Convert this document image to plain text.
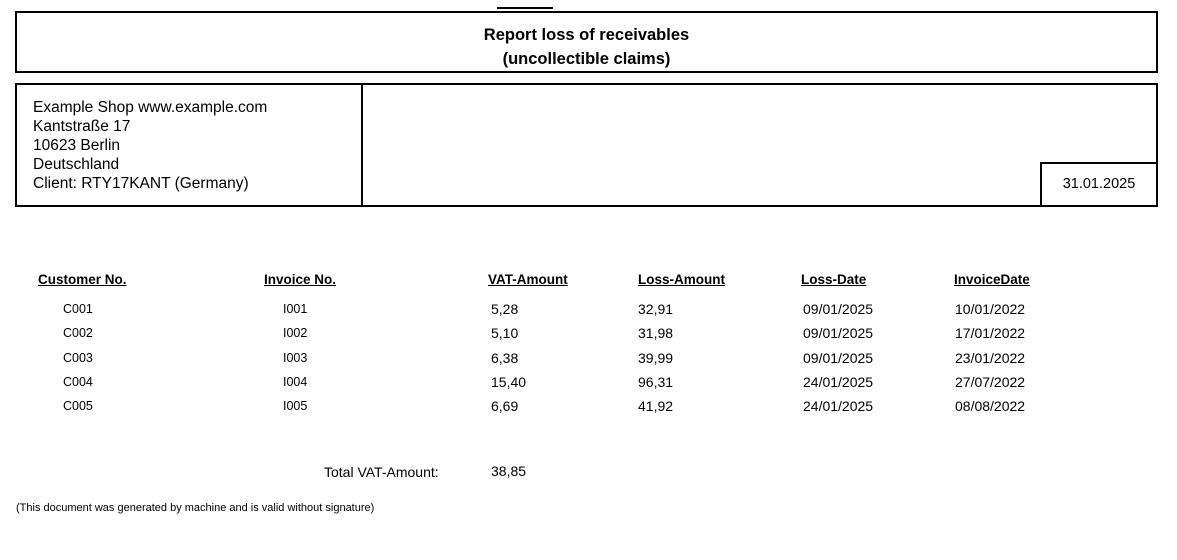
Report loss of receivables
(uncollectible claims)
Example Shop www.example.com
Kantstraße 17
10623 Berlin
Deutschland
Client: RTY17KANT (Germany)	31.01.2025
Customer No.	Invoice No.	VAT-Amount	Loss-Amount	Loss-Date	InvoiceDate
C001	I001	5,28	32,91	09/01/2025	10/01/2022
C002	I002	5,10	31,98	09/01/2025	17/01/2022
C003	I003	6,38	39,99	09/01/2025	23/01/2022
C004	I004	15,40	96,31	24/01/2025	27/07/2022
C005	I005	6,69	41,92	24/01/2025	08/08/2022
Total VAT-Amount:	38,85
(This document was generated by machine and is valid without signature)
